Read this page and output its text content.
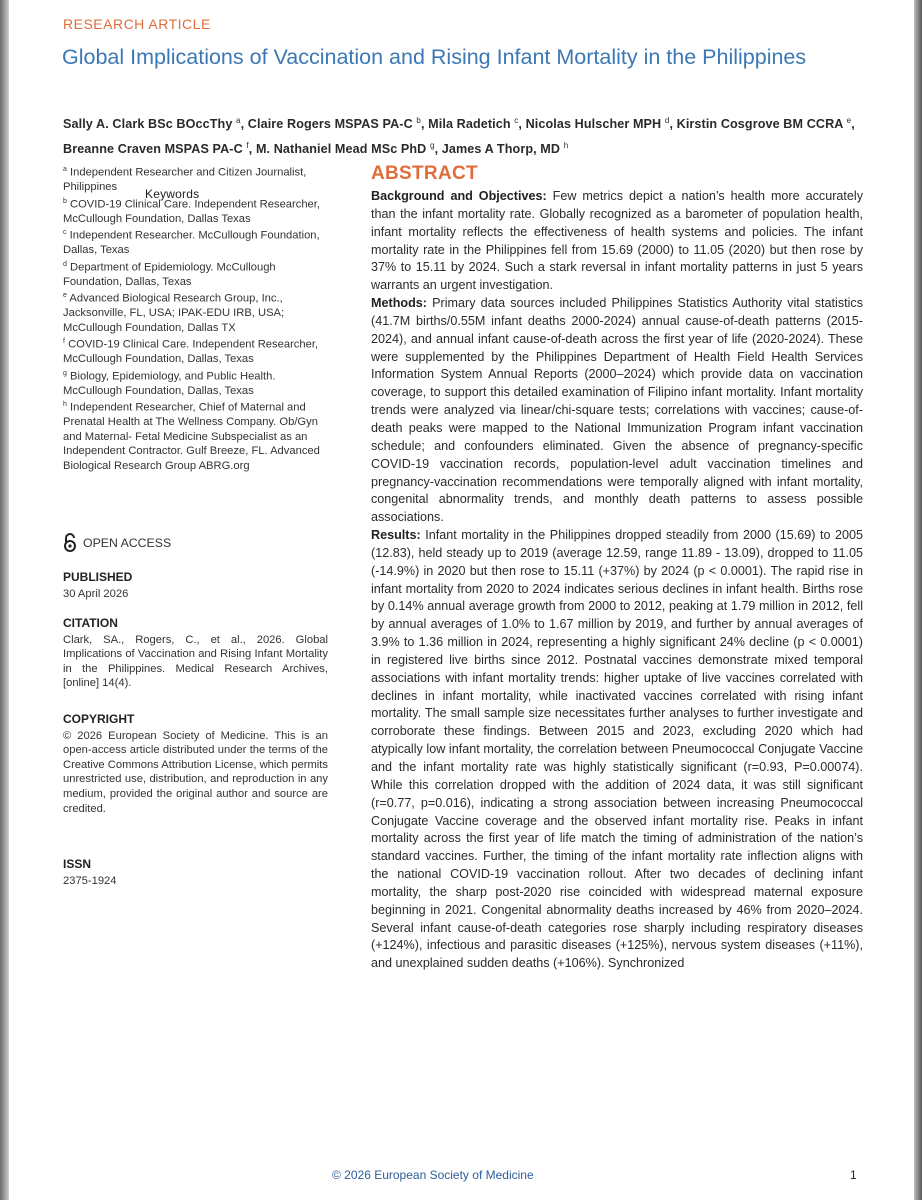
RESEARCH ARTICLE
Global Implications of Vaccination and Rising Infant Mortality in the Philippines
Sally A. Clark BSc BOccThy $^a$, Claire Rogers MSPAS PA-C $^b$, Mila Radetich $^c$, Nicolas Hulscher MPH $^d$, Kirstin Cosgrove BM CCRA $^e$, Breanne Craven MSPAS PA-C $^f$, M. Nathaniel Mead MSc PhD $^g$, James A Thorp, MD $^h$

$^a$ Independent Researcher and Citizen Journalist, Philippines

$^b$ COVID-19 Clinical Care. Independent Researcher, McCullough Foundation, Dallas Texas

$^c$ Independent Researcher. McCullough Foundation, Dallas, Texas

$^d$ Department of Epidemiology. McCullough Foundation, Dallas, Texas

$^e$ Advanced Biological Research Group, Inc., Jacksonville, FL, USA; IPAK-EDU IRB, USA; McCullough Foundation, Dallas TX

$^f$ COVID-19 Clinical Care. Independent Researcher, McCullough Foundation, Dallas, Texas

$^g$ Biology, Epidemiology, and Public Health. McCullough Foundation, Dallas, Texas

$^h$ Independent Researcher, Chief of Maternal and Prenatal Health at The Wellness Company. Ob/Gyn and Maternal- Fetal Medicine Subspecialist as an Independent Contractor. Gulf Breeze, FL. Advanced Biological Research Group ABRG.org

Keywords
OPEN ACCESS
PUBLISHED
30 April 2026
CITATION
Clark, SA., Rogers, C., et al., 2026. Global Implications of Vaccination and Rising Infant Mortality in the Philippines. Medical Research Archives, [online] 14(4).
COPYRIGHT
© 2026 European Society of Medicine. This is an open-access article distributed under the terms of the Creative Commons Attribution License, which permits unrestricted use, distribution, and reproduction in any medium, provided the original author and source are credited.
ISSN
2375-1924
ABSTRACT

Background and Objectives: Few metrics depict a nation’s health more accurately than the infant mortality rate. Globally recognized as a barometer of population health, infant mortality reflects the effectiveness of health systems and policies. The infant mortality rate in the Philippines fell from 15.69 (2000) to 11.05 (2020) but then rose by 37% to 15.11 by 2024. Such a stark reversal in infant mortality patterns in just 5 years warrants an urgent investigation.

Methods: Primary data sources included Philippines Statistics Authority vital statistics (41.7M births/0.55M infant deaths 2000-2024) annual cause-of-death patterns (2015-2024), and annual infant cause-of-death across the first year of life (2020-2024). These were supplemented by the Philippines Department of Health Field Health Services Information System Annual Reports (2000–2024) which provide data on vaccination coverage, to support this detailed examination of Filipino infant mortality. Infant mortality trends were analyzed via linear/chi-square tests; correlations with vaccines; cause-of-death peaks were mapped to the National Immunization Program infant vaccination schedule; and confounders eliminated. Given the absence of pregnancy-specific COVID-19 vaccination records, population-level adult vaccination timelines and pregnancy-vaccination recommendations were temporally aligned with infant mortality, congenital abnormality trends, and monthly death patterns to assess possible associations.

Results: Infant mortality in the Philippines dropped steadily from 2000 (15.69) to 2005 (12.83), held steady up to 2019 (average 12.59, range 11.89 - 13.09), dropped to 11.05 (-14.9%) in 2020 but then rose to 15.11 (+37%) by 2024 (p < 0.0001). The rapid rise in infant mortality from 2020 to 2024 indicates serious declines in infant health. Births rose by 0.14% annual average growth from 2000 to 2012, peaking at 1.79 million in 2012, fell by annual averages of 1.0% to 1.67 million by 2019, and further by annual averages of 3.9% to 1.36 million in 2024, representing a highly significant 24% decline (p < 0.0001) in registered live births since 2012. Postnatal vaccines demonstrate mixed temporal associations with infant mortality trends: higher uptake of live vaccines correlated with declines in infant mortality, while inactivated vaccines correlated with rising infant mortality. The small sample size necessitates further analyses to further investigate and corroborate these findings. Between 2015 and 2023, excluding 2020 which had atypically low infant mortality, the correlation between Pneumococcal Conjugate Vaccine and the infant mortality rate was highly statistically significant (r=0.93, P=0.00074). While this correlation dropped with the addition of 2024 data, it was still significant (r=0.77, p=0.016), indicating a strong association between increasing Pneumococcal Conjugate Vaccine coverage and the observed infant mortality rise. Peaks in infant mortality across the first year of life match the timing of administration of the nation’s standard vaccines. Further, the timing of the infant mortality rate inflection aligns with the national COVID-19 vaccination rollout. After two decades of declining infant mortality, the sharp post-2020 rise coincided with widespread maternal exposure beginning in 2021. Congenital abnormality deaths increased by 46% from 2020–2024. Several infant cause-of-death categories rose sharply including respiratory diseases (+124%), infectious and parasitic diseases (+125%), nervous system diseases (+11%), and unexplained sudden deaths (+106%). Synchronized

© 2026 European Society of Medicine	1
